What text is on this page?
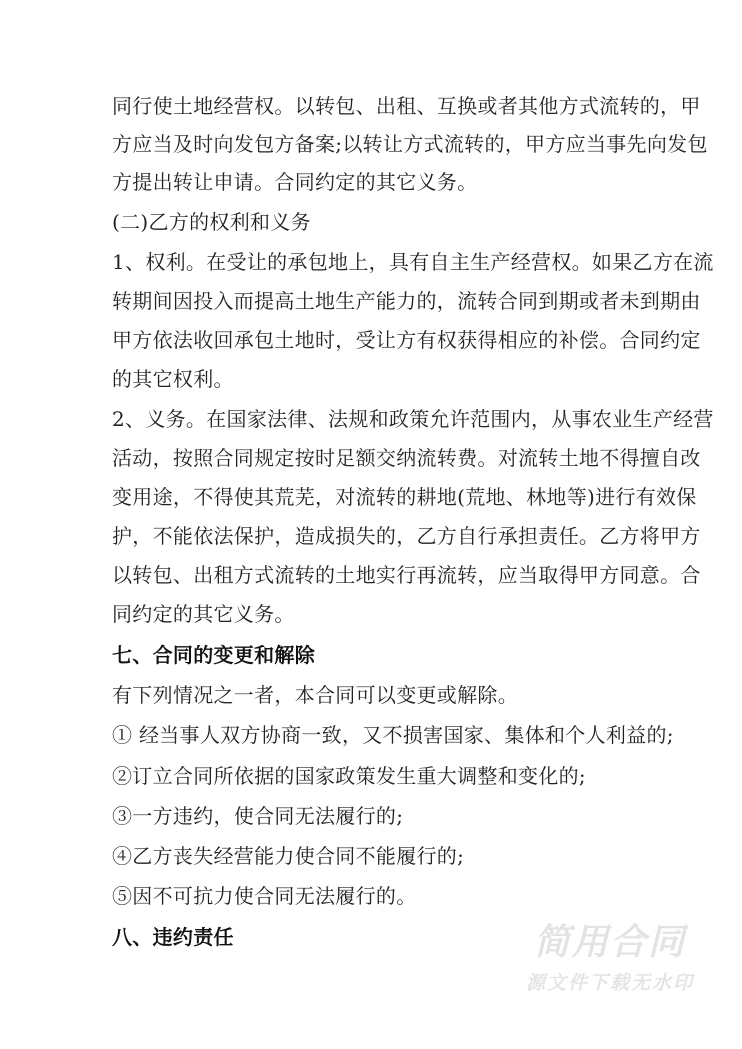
同行使土地经营权。以转包、出租、互换或者其他方式流转的，甲
方应当及时向发包方备案;以转让方式流转的，甲方应当事先向发包
方提出转让申请。合同约定的其它义务。
(二)乙方的权利和义务
1、权利。在受让的承包地上，具有自主生产经营权。如果乙方在流
转期间因投入而提高土地生产能力的，流转合同到期或者未到期由
甲方依法收回承包土地时，受让方有权获得相应的补偿。合同约定
的其它权利。
2、义务。在国家法律、法规和政策允许范围内，从事农业生产经营
活动，按照合同规定按时足额交纳流转费。对流转土地不得擅自改
变用途，不得使其荒芜，对流转的耕地(荒地、林地等)进行有效保
护，不能依法保护，造成损失的，乙方自行承担责任。乙方将甲方
以转包、出租方式流转的土地实行再流转，应当取得甲方同意。合
同约定的其它义务。
七、合同的变更和解除
有下列情况之一者，本合同可以变更或解除。
① 经当事人双方协商一致，又不损害国家、集体和个人利益的;
②订立合同所依据的国家政策发生重大调整和变化的;
③一方违约，使合同无法履行的;
④乙方丧失经营能力使合同不能履行的;
⑤因不可抗力使合同无法履行的。
八、违约责任	简用合同
源文件下载无水印
